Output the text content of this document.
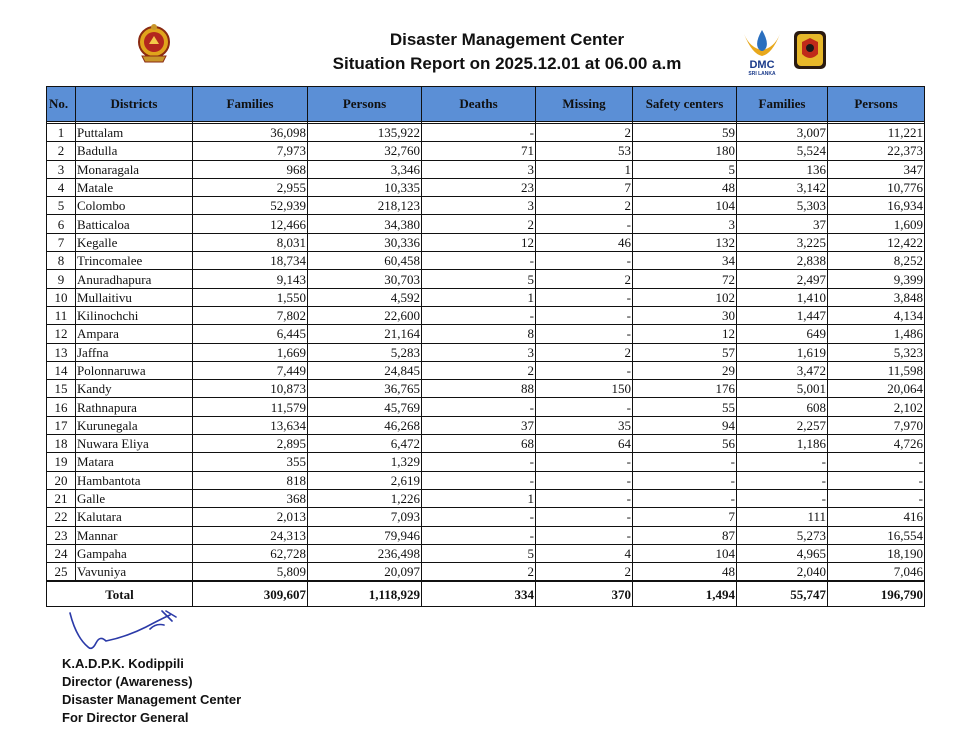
Disaster Management Center
Situation Report on 2025.12.01 at 06.00 a.m	DMC
SRI LANKA
No.	Districts	Families	Persons	Deaths	Missing	Safety centers	Families	Persons

1	Puttalam	36,098	135,922	-	2	59	3,007	11,221
2	Badulla	7,973	32,760	71	53	180	5,524	22,373
3	Monaragala	968	3,346	3	1	5	136	347
4	Matale	2,955	10,335	23	7	48	3,142	10,776
5	Colombo	52,939	218,123	3	2	104	5,303	16,934
6	Batticaloa	12,466	34,380	2	-	3	37	1,609
7	Kegalle	8,031	30,336	12	46	132	3,225	12,422
8	Trincomalee	18,734	60,458	-	-	34	2,838	8,252
9	Anuradhapura	9,143	30,703	5	2	72	2,497	9,399
10	Mullaitivu	1,550	4,592	1	-	102	1,410	3,848
11	Kilinochchi	7,802	22,600	-	-	30	1,447	4,134
12	Ampara	6,445	21,164	8	-	12	649	1,486
13	Jaffna	1,669	5,283	3	2	57	1,619	5,323
14	Polonnaruwa	7,449	24,845	2	-	29	3,472	11,598
15	Kandy	10,873	36,765	88	150	176	5,001	20,064
16	Rathnapura	11,579	45,769	-	-	55	608	2,102
17	Kurunegala	13,634	46,268	37	35	94	2,257	7,970
18	Nuwara Eliya	2,895	6,472	68	64	56	1,186	4,726
19	Matara	355	1,329	-	-	-	-	-
20	Hambantota	818	2,619	-	-	-	-	-
21	Galle	368	1,226	1	-	-	-	-
22	Kalutara	2,013	7,093	-	-	7	111	416
23	Mannar	24,313	79,946	-	-	87	5,273	16,554
24	Gampaha	62,728	236,498	5	4	104	4,965	18,190
25	Vavuniya	5,809	20,097	2	2	48	2,040	7,046
Total		309,607	1,118,929	334	370	1,494	55,747	196,790
K.A.D.P.K. Kodippili
Director (Awareness)
Disaster Management Center
For Director General
